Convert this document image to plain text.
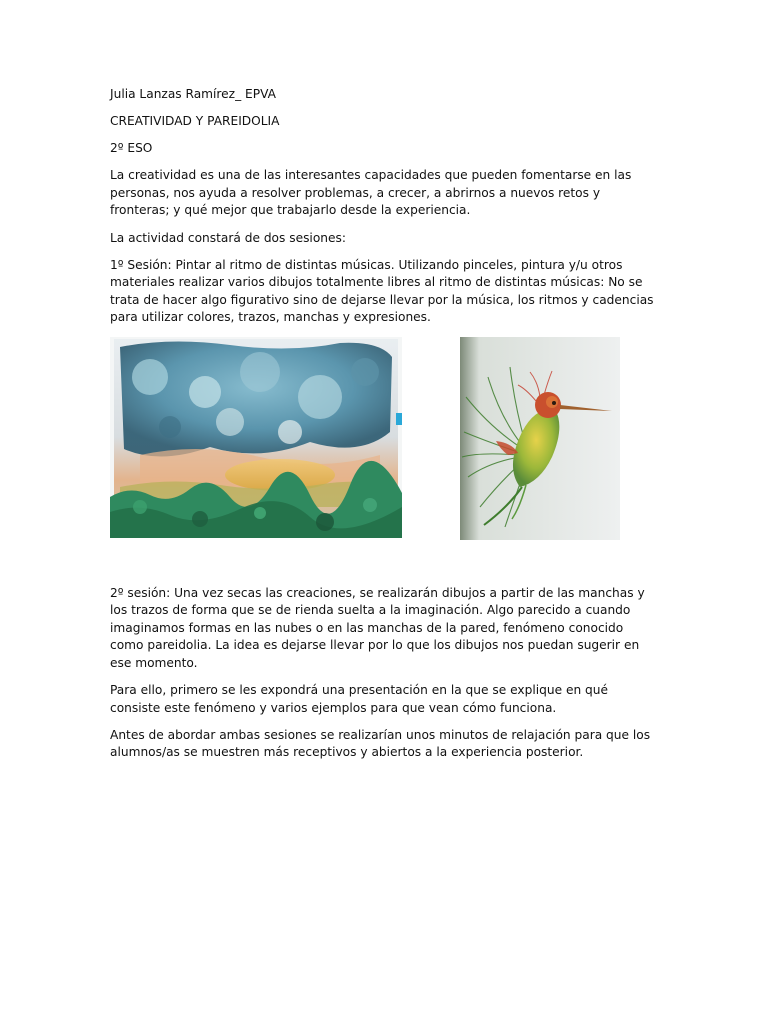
Julia Lanzas Ramírez_ EPVA

CREATIVIDAD Y PAREIDOLIA

2º ESO

La creatividad es una de las interesantes capacidades que pueden fomentarse en las personas, nos ayuda a resolver problemas, a crecer, a abrirnos a nuevos retos y fronteras; y qué mejor que trabajarlo desde la experiencia.

La actividad constará de dos sesiones:

1º Sesión: Pintar al ritmo de distintas músicas. Utilizando pinceles, pintura y/u otros materiales realizar varios dibujos totalmente libres al ritmo de distintas músicas: No se trata de hacer algo figurativo sino de dejarse llevar por la música, los ritmos y cadencias para utilizar colores, trazos, manchas y expresiones.

2º sesión: Una vez secas las creaciones, se realizarán dibujos a partir de las manchas y los trazos de forma que se de rienda suelta a la imaginación. Algo parecido a cuando imaginamos formas en las nubes o en las manchas de la pared, fenómeno conocido como pareidolia. La idea es dejarse llevar por lo que los dibujos nos puedan sugerir en ese momento.

Para ello, primero se les expondrá una presentación en la que se explique en qué consiste este fenómeno y varios ejemplos para que vean cómo funciona.

Antes de abordar ambas sesiones se realizarían unos minutos de relajación para que los alumnos/as se muestren más receptivos y abiertos a la experiencia posterior.
